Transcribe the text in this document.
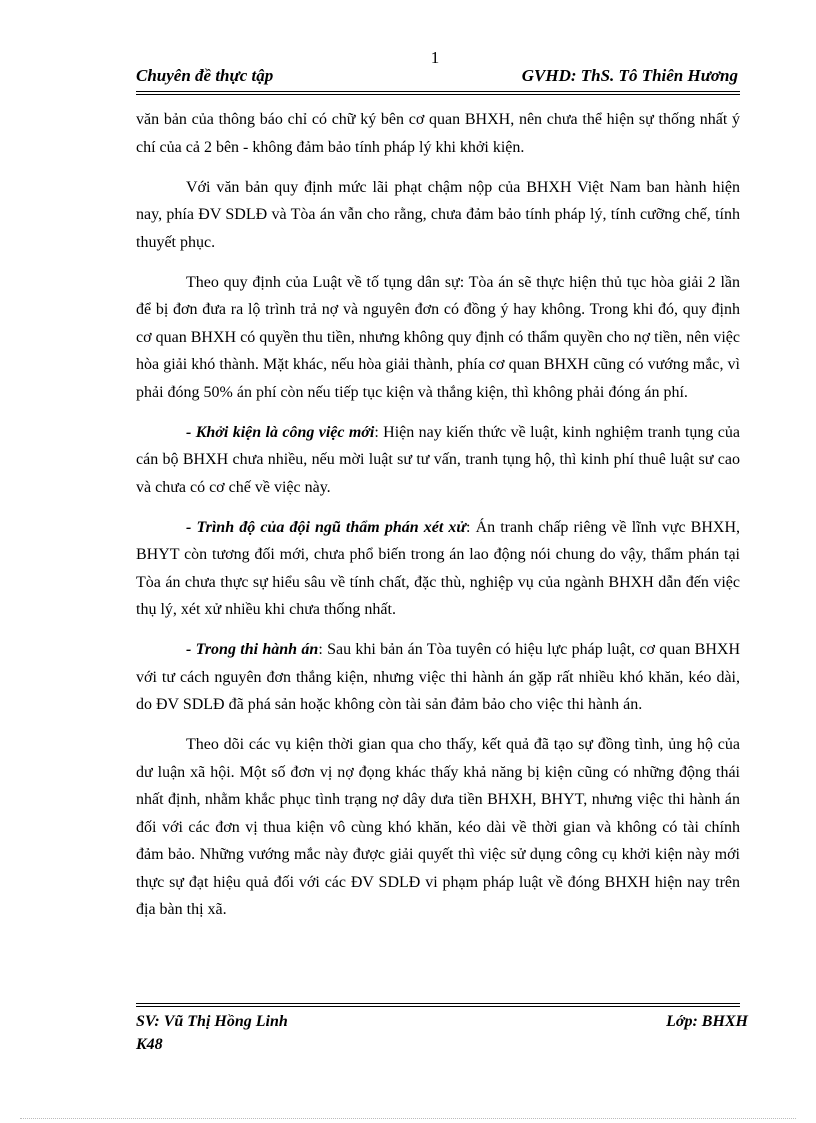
1
Chuyên đề thực tập	GVHD: ThS. Tô Thiên Hương

văn bản của thông báo chỉ có chữ ký bên cơ quan BHXH, nên chưa thể hiện sự thống nhất ý chí của cả 2 bên - không đảm bảo tính pháp lý khi khởi kiện.

Với văn bản quy định mức lãi phạt chậm nộp của BHXH Việt Nam ban hành hiện nay, phía ĐV SDLĐ và Tòa án vẫn cho rằng, chưa đảm bảo tính pháp lý, tính cưỡng chế, tính thuyết phục.

Theo quy định của Luật về tố tụng dân sự: Tòa án sẽ thực hiện thủ tục hòa giải 2 lần để bị đơn đưa ra lộ trình trả nợ và nguyên đơn có đồng ý hay không. Trong khi đó, quy định cơ quan BHXH có quyền thu tiền, nhưng không quy định có thẩm quyền cho nợ tiền, nên việc hòa giải khó thành. Mặt khác, nếu hòa giải thành, phía cơ quan BHXH cũng có vướng mắc, vì phải đóng 50% án phí còn nếu tiếp tục kiện và thắng kiện, thì không phải đóng án phí.

- Khởi kiện là công việc mới: Hiện nay kiến thức về luật, kinh nghiệm tranh tụng của cán bộ BHXH chưa nhiều, nếu mời luật sư tư vấn, tranh tụng hộ, thì kinh phí thuê luật sư cao và chưa có cơ chế về việc này.

- Trình độ của đội ngũ thẩm phán xét xử: Án tranh chấp riêng về lĩnh vực BHXH, BHYT còn tương đối mới, chưa phổ biến trong án lao động nói chung do vậy, thẩm phán tại Tòa án chưa thực sự hiểu sâu về tính chất, đặc thù, nghiệp vụ của ngành BHXH dẫn đến việc thụ lý, xét xử nhiều khi chưa thống nhất.

- Trong thi hành án: Sau khi bản án Tòa tuyên có hiệu lực pháp luật, cơ quan BHXH với tư cách nguyên đơn thắng kiện, nhưng việc thi hành án gặp rất nhiều khó khăn, kéo dài, do ĐV SDLĐ đã phá sản hoặc không còn tài sản đảm bảo cho việc thi hành án.

Theo dõi các vụ kiện thời gian qua cho thấy, kết quả đã tạo sự đồng tình, ủng hộ của dư luận xã hội. Một số đơn vị nợ đọng khác thấy khả năng bị kiện cũng có những động thái nhất định, nhằm khắc phục tình trạng nợ dây dưa tiền BHXH, BHYT, nhưng việc thi hành án đối với các đơn vị thua kiện vô cùng khó khăn, kéo dài về thời gian và không có tài chính đảm bảo. Những vướng mắc này được giải quyết thì việc sử dụng công cụ khởi kiện này mới thực sự đạt hiệu quả đối với các ĐV SDLĐ vi phạm pháp luật về đóng BHXH hiện nay trên địa bàn thị xã.

SV: Vũ Thị Hồng Linh	Lớp: BHXH
K48
